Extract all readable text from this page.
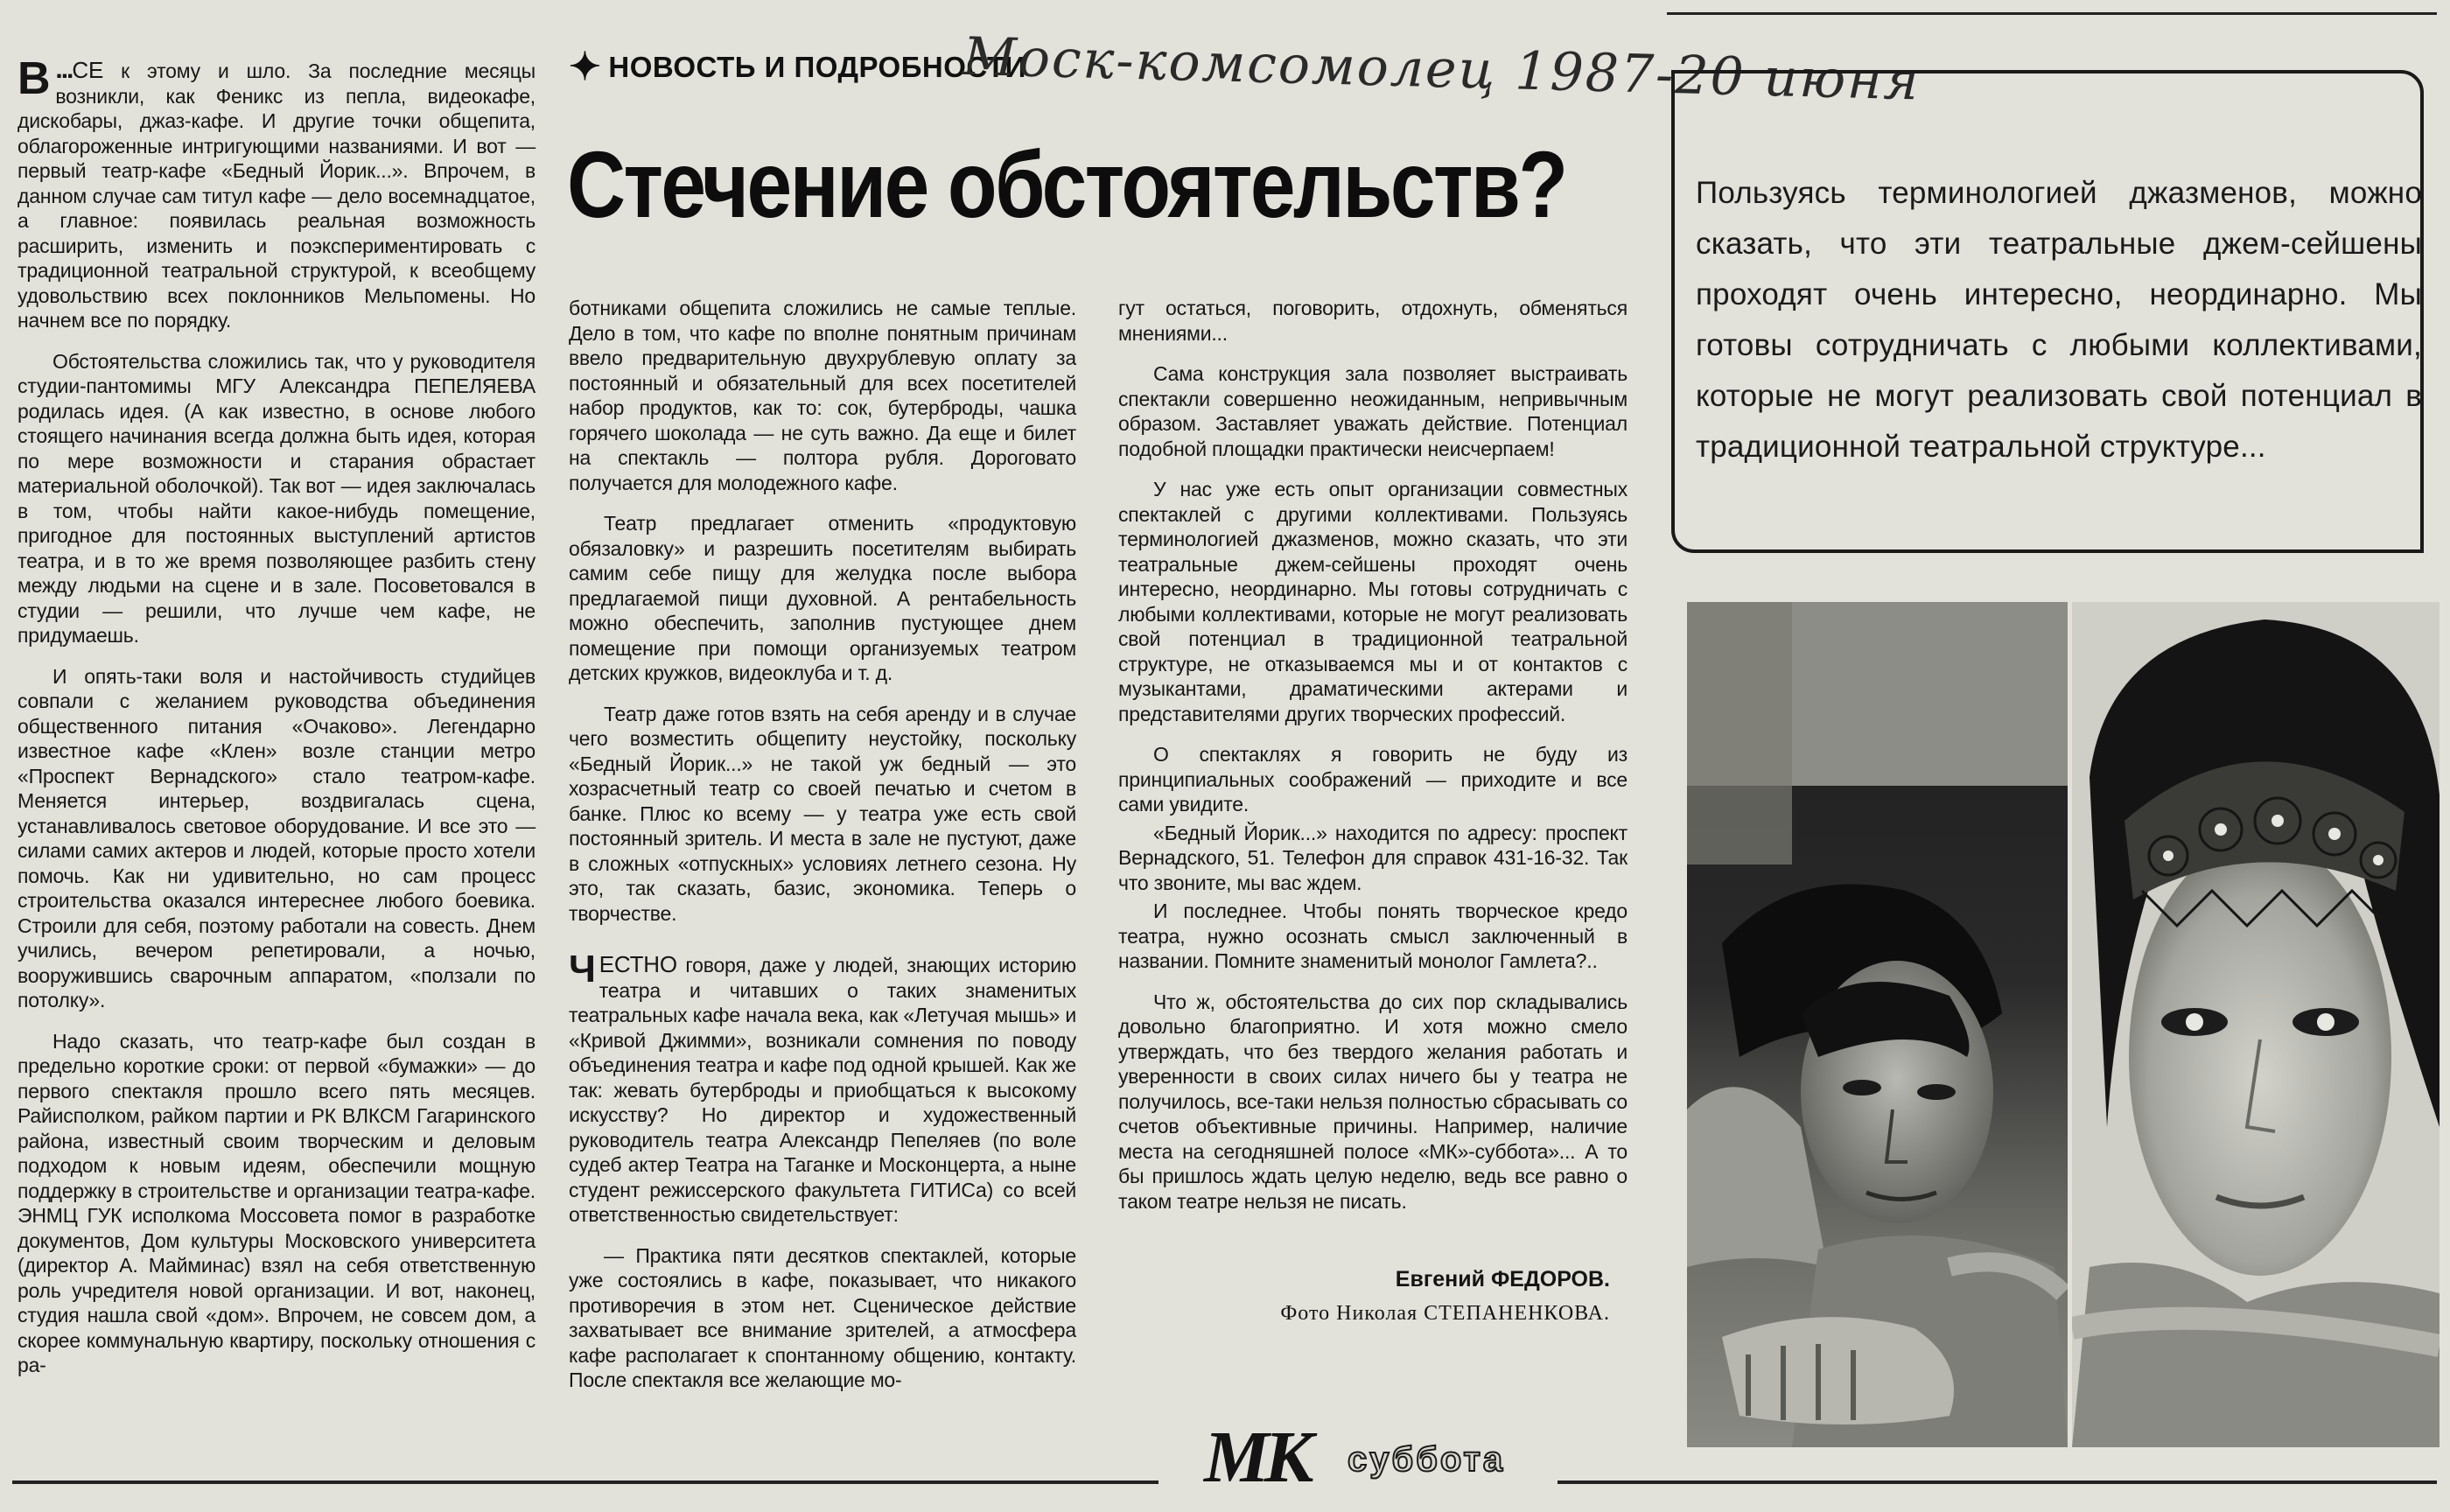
...
В СЕ к этому и шло. За последние месяцы возникли, как Феникс из пепла, видеокафе, дискобары, джаз-кафе. И другие точки общепита, облагороженные интригующими названиями. И вот — первый театр-кафе «Бедный Йорик...». Впрочем, в данном случае сам титул кафе — дело восемнадцатое, а главное: появилась реальная возможность расширить, изменить и поэкспериментировать с традиционной театральной структурой, к всеобщему удовольствию всех поклонников Мельпомены. Но начнем все по порядку.

Обстоятельства сложились так, что у руководителя студии-пантомимы МГУ Александра ПЕПЕЛЯЕВА родилась идея. (А как известно, в основе любого стоящего начинания всегда должна быть идея, которая по мере возможности и старания обрастает материальной оболочкой). Так вот — идея заключалась в том, чтобы найти какое-нибудь помещение, пригодное для постоянных выступлений артистов театра, и в то же время позволяющее разбить стену между людьми на сцене и в зале. Посоветовался в студии — решили, что лучше чем кафе, не придумаешь.

И опять-таки воля и настойчивость студийцев совпали с желанием руководства объединения общественного питания «Очаково». Легендарно известное кафе «Клен» возле станции метро «Проспект Вернадского» стало театром-кафе. Меняется интерьер, воздвигалась сцена, устанавливалось световое оборудование. И все это — силами самих актеров и людей, которые просто хотели помочь. Как ни удивительно, но сам процесс строительства оказался интереснее любого боевика. Строили для себя, поэтому работали на совесть. Днем учились, вечером репетировали, а ночью, вооружившись сварочным аппаратом, «ползали по потолку».

Надо сказать, что театр-кафе был создан в предельно короткие сроки: от первой «бумажки» — до первого спектакля прошло всего пять месяцев. Райисполком, райком партии и РК ВЛКСМ Гагаринского района, известный своим творческим и деловым подходом к новым идеям, обеспечили мощную поддержку в строительстве и организации театра-кафе. ЭНМЦ ГУК исполкома Моссовета помог в разработке документов, Дом культуры Московского университета (директор А. Майминас) взял на себя ответственную роль учредителя новой организации. И вот, наконец, студия нашла свой «дом». Впрочем, не совсем дом, а скорее коммунальную квартиру, поскольку отношения с ра-

✦ НОВОСТЬ И ПОДРОБНОСТИ
Моск-комсомолец 1987-20 июня
Стечение обстоятельств?

ботниками общепита сложились не самые теплые. Дело в том, что кафе по вполне понятным причинам ввело предварительную двухрублевую оплату за постоянный и обязательный для всех посетителей набор продуктов, как то: сок, бутерброды, чашка горячего шоколада — не суть важно. Да еще и билет на спектакль — полтора рубля. Дороговато получается для молодежного кафе.

Театр предлагает отменить «продуктовую обязаловку» и разрешить посетителям выбирать самим себе пищу для желудка после выбора предлагаемой пищи духовной. А рентабельность можно обеспечить, заполнив пустующее днем помещение при помощи организуемых театром детских кружков, видеоклуба и т. д.

Театр даже готов взять на себя аренду и в случае чего возместить общепиту неустойку, поскольку «Бедный Йорик...» не такой уж бедный — это хозрасчетный театр со своей печатью и счетом в банке. Плюс ко всему — у театра уже есть свой постоянный зритель. И места в зале не пустуют, даже в сложных «отпускных» условиях летнего сезона. Ну это, так сказать, базис, экономика. Теперь о творчестве.

ЧЕСТНО говоря, даже у людей, знающих историю театра и читавших о таких знаменитых театральных кафе начала века, как «Летучая мышь» и «Кривой Джимми», возникали сомнения по поводу объединения театра и кафе под одной крышей. Как же так: жевать бутерброды и приобщаться к высокому искусству? Но директор и художественный руководитель театра Александр Пепеляев (по воле судеб актер Театра на Таганке и Москонцерта, а ныне студент режиссерского факультета ГИТИСа) со всей ответственностью свидетельствует:

— Практика пяти десятков спектаклей, которые уже состоялись в кафе, показывает, что никакого противоречия в этом нет. Сценическое действие захватывает все внимание зрителей, а атмосфера кафе располагает к спонтанному общению, контакту. После спектакля все желающие мо-

гут остаться, поговорить, отдохнуть, обменяться мнениями...

Сама конструкция зала позволяет выстраивать спектакли совершенно неожиданным, непривычным образом. Заставляет уважать действие. Потенциал подобной площадки практически неисчерпаем!

У нас уже есть опыт организации совместных спектаклей с другими коллективами. Пользуясь терминологией джазменов, можно сказать, что эти театральные джем-сейшены проходят очень интересно, неординарно. Мы готовы сотрудничать с любыми коллективами, которые не могут реализовать свой потенциал в традиционной театральной структуре, не отказываемся мы и от контактов с музыкантами, драматическими актерами и представителями других творческих профессий.

О спектаклях я говорить не буду из принципиальных соображений — приходите и все сами увидите.

«Бедный Йорик...» находится по адресу: проспект Вернадского, 51. Телефон для справок 431-16-32. Так что звоните, мы вас ждем.

И последнее. Чтобы понять творческое кредо театра, нужно осознать смысл заключенный в названии. Помните знаменитый монолог Гамлета?..

Что ж, обстоятельства до сих пор складывались довольно благоприятно. И хотя можно смело утверждать, что без твердого желания работать и уверенности в своих силах ничего бы у театра не получилось, все-таки нельзя полностью сбрасывать со счетов объективные причины. Например, наличие места на сегодняшней полосе «МК»-суббота»... А то бы пришлось ждать целую неделю, ведь все равно о таком театре нельзя не писать.

Евгений ФЕДОРОВ.
Фото Николая СТЕПАНЕНКОВА.
Пользуясь терминологией джазменов, можно сказать, что эти театральные джем-сейшены проходят очень интересно, неординарно. Мы готовы сотрудничать с любыми коллективами, которые не могут реализовать свой потенциал в традиционной театральной структуре...
МК суббота
